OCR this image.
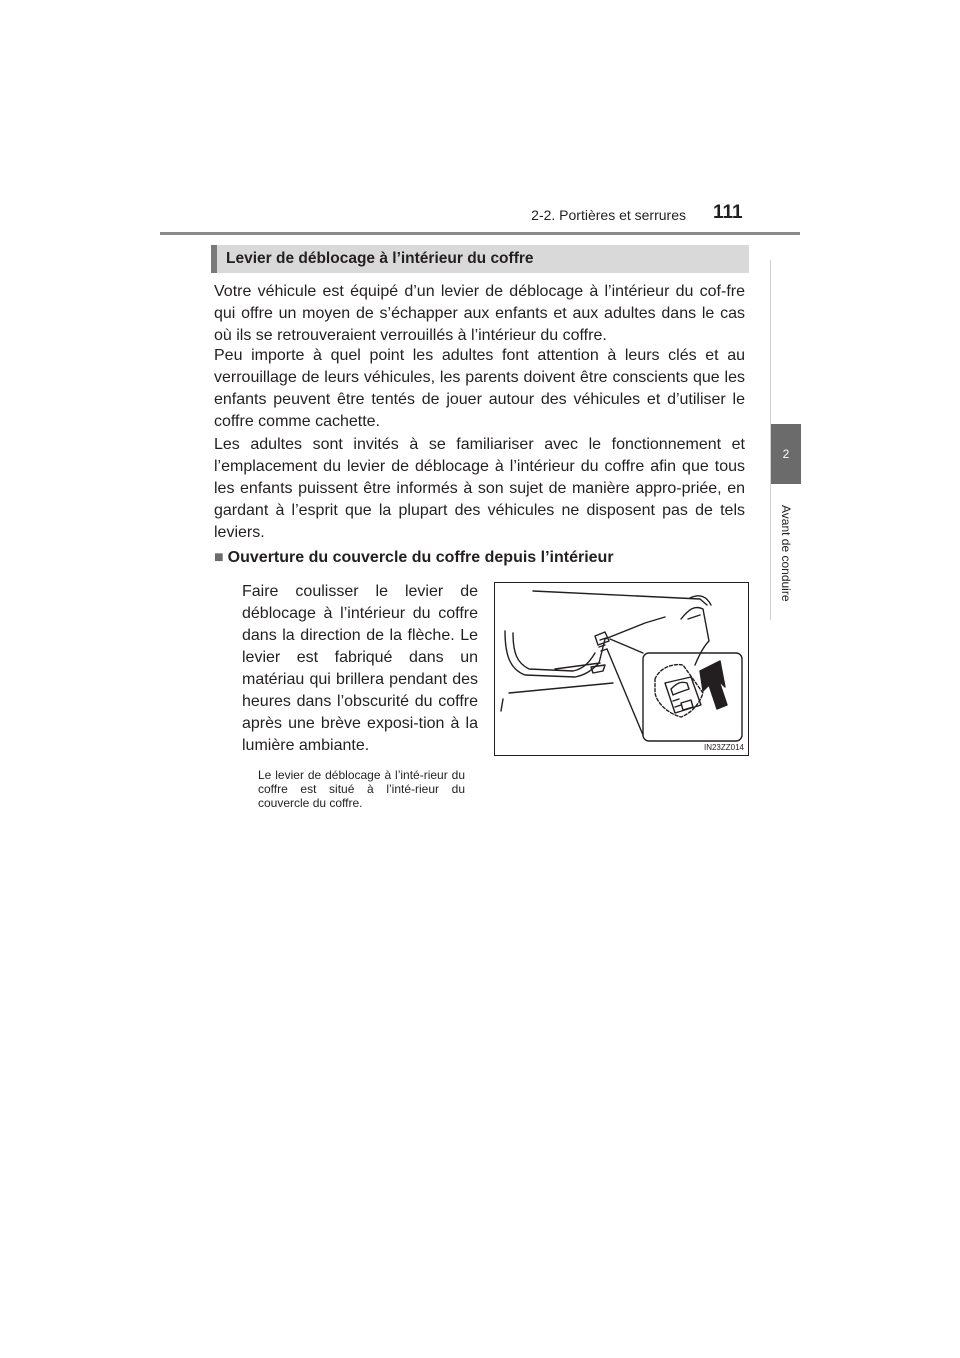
2-2. Portières et serrures 111
2
Avant de conduire
Levier de déblocage à l’intérieur du coffre
Votre véhicule est équipé d’un levier de déblocage à l’intérieur du cof-fre qui offre un moyen de s’échapper aux enfants et aux adultes dans le cas où ils se retrouveraient verrouillés à l’intérieur du coffre.
Peu importe à quel point les adultes font attention à leurs clés et au verrouillage de leurs véhicules, les parents doivent être conscients que les enfants peuvent être tentés de jouer autour des véhicules et d’utiliser le coffre comme cachette.
Les adultes sont invités à se familiariser avec le fonctionnement et l’emplacement du levier de déblocage à l’intérieur du coffre afin que tous les enfants puissent être informés à son sujet de manière appro-priée, en gardant à l’esprit que la plupart des véhicules ne disposent pas de tels leviers.
■ Ouverture du couvercle du coffre depuis l’intérieur
Faire coulisser le levier de déblocage à l’intérieur du coffre dans la direction de la flèche. Le levier est fabriqué dans un matériau qui brillera pendant des heures dans l’obscurité du coffre après une brève exposi-tion à la lumière ambiante.
Le levier de déblocage à l’inté-rieur du coffre est situé à l’inté-rieur du couvercle du coffre.
IN23ZZ014
